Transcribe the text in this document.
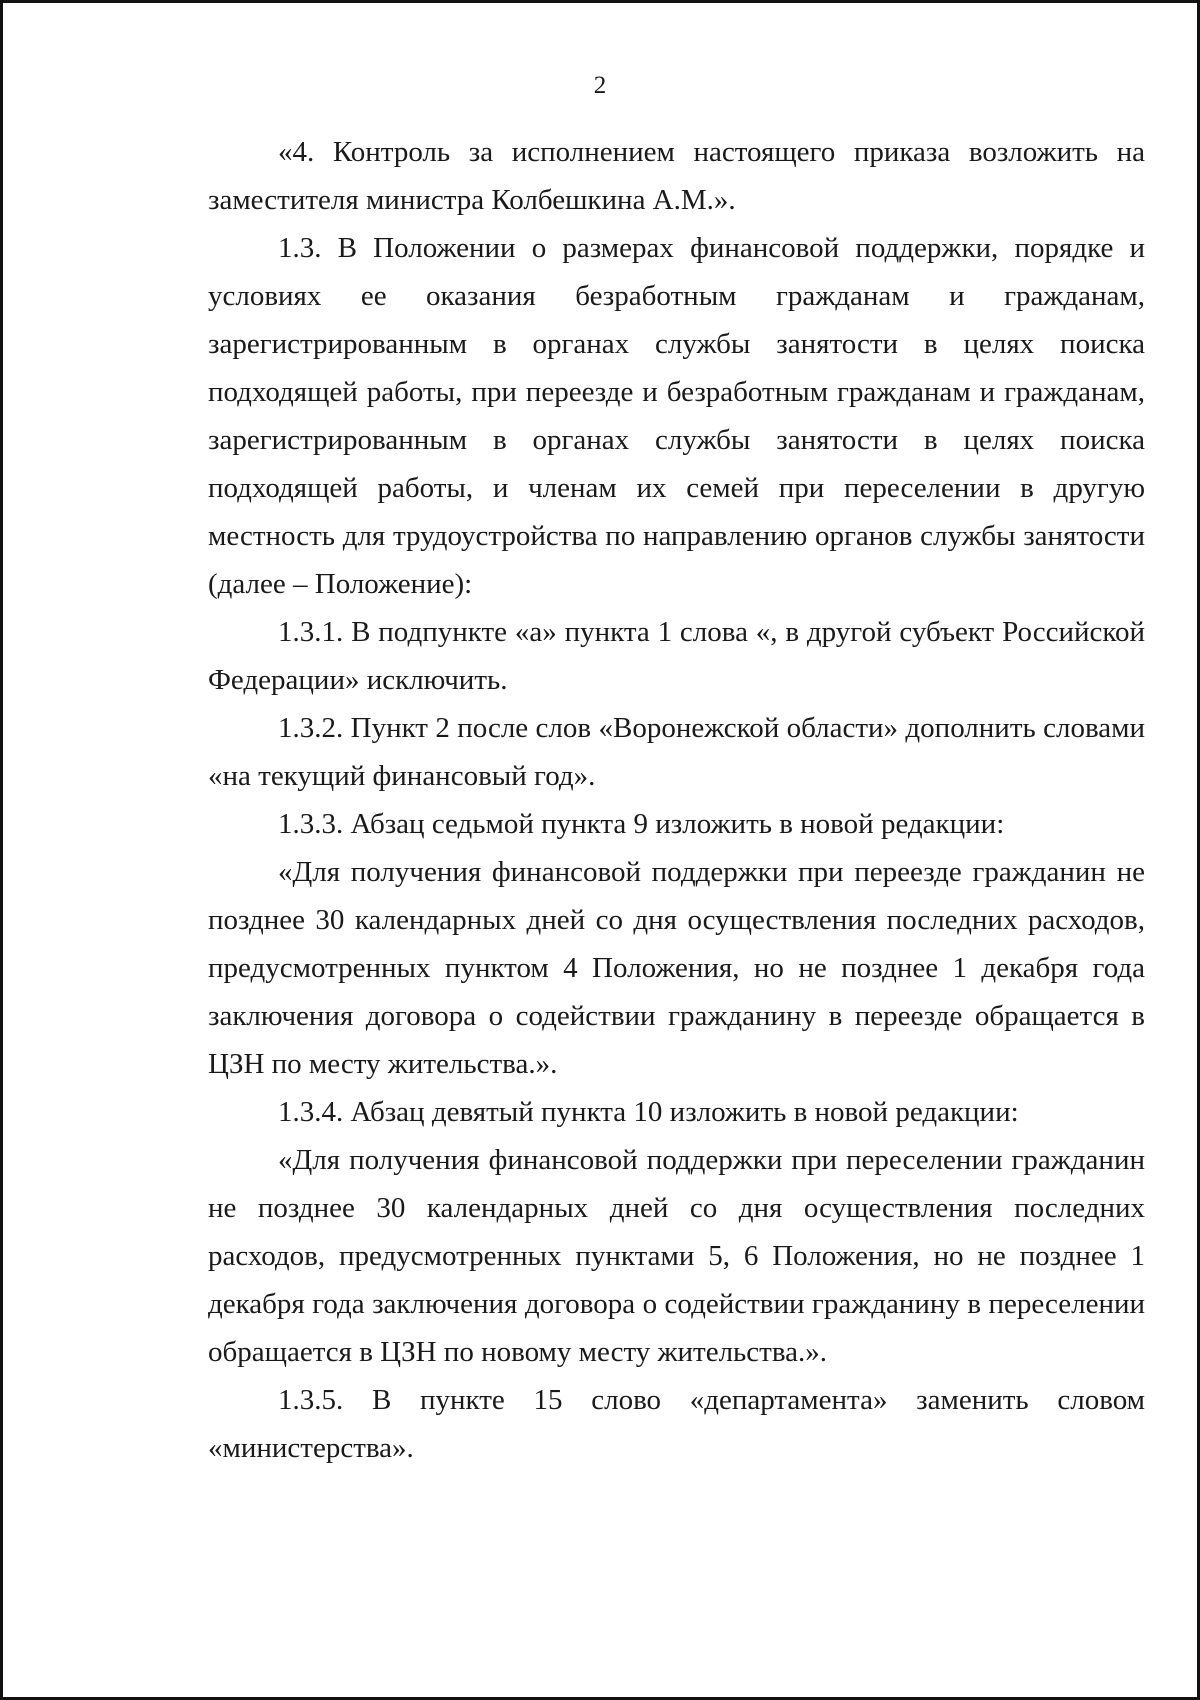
2

«4. Контроль за исполнением настоящего приказа возложить на заместителя министра Колбешкина А.М.».

1.3. В Положении о размерах финансовой поддержки, порядке и условиях ее оказания безработным гражданам и гражданам, зарегистрированным в органах службы занятости в целях поиска подходящей работы, при переезде и безработным гражданам и гражданам, зарегистрированным в органах службы занятости в целях поиска подходящей работы, и членам их семей при переселении в другую местность для трудоустройства по направлению органов службы занятости (далее – Положение):

1.3.1. В подпункте «а» пункта 1 слова «, в другой субъект Российской Федерации» исключить.

1.3.2. Пункт 2 после слов «Воронежской области» дополнить словами «на текущий финансовый год».

1.3.3. Абзац седьмой пункта 9 изложить в новой редакции:

«Для получения финансовой поддержки при переезде гражданин не позднее 30 календарных дней со дня осуществления последних расходов, предусмотренных пунктом 4 Положения, но не позднее 1 декабря года заключения договора о содействии гражданину в переезде обращается в ЦЗН по месту жительства.».

1.3.4. Абзац девятый пункта 10 изложить в новой редакции:

«Для получения финансовой поддержки при переселении гражданин не позднее 30 календарных дней со дня осуществления последних расходов, предусмотренных пунктами 5, 6 Положения, но не позднее 1 декабря года заключения договора о содействии гражданину в переселении обращается в ЦЗН по новому месту жительства.».

1.3.5. В пункте 15 слово «департамента» заменить словом «министерства».
